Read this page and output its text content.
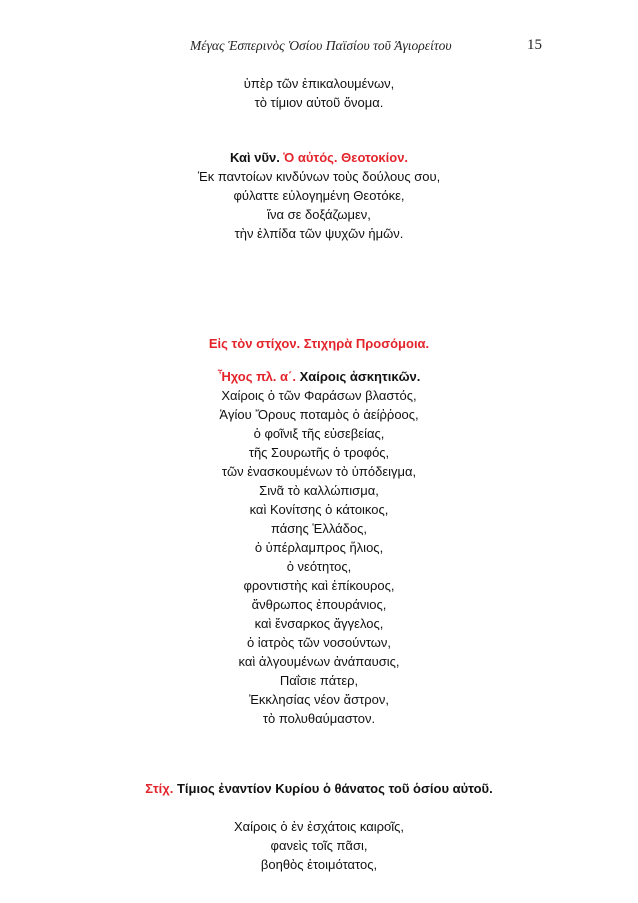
Μέγας Ἑσπερινὸς Ὁσίου Παϊσίου τοῦ Ἁγιορείτου	15
ὑπὲρ τῶν ἐπικαλουμένων,
τὸ τίμιον αὐτοῦ ὄνομα.
Καὶ νῦν. Ὁ αὐτός. Θεοτοκίον.
Ἐκ παντοίων κινδύνων τοὺς δούλους σου,
φύλαττε εὐλογημένη Θεοτόκε,
ἵνα σε δοξάζωμεν,
τὴν ἐλπίδα τῶν ψυχῶν ἡμῶν.
Εἰς τὸν στίχον. Στιχηρὰ Προσόμοια.
Ἦχος πλ. α΄. Χαίροις ἀσκητικῶν.
Χαίροις ὁ τῶν Φαράσων βλαστός,
Ἁγίου Ὄρους ποταμὸς ὁ ἀείῤῥοος,
ὁ φοῖνιξ τῆς εὐσεβείας,
τῆς Σουρωτῆς ὁ τροφός,
τῶν ἐνασκουμένων τὸ ὑπόδειγμα,
Σινᾶ τὸ καλλώπισμα,
καὶ Κονίτσης ὁ κάτοικος,
πάσης Ἑλλάδος,
ὁ ὑπέρλαμπρος ἥλιος,
ὁ νεότητος,
φροντιστὴς καὶ ἐπίκουρος,
ἄνθρωπος ἐπουράνιος,
καὶ ἔνσαρκος ἄγγελος,
ὁ ἰατρὸς τῶν νοσούντων,
καὶ ἀλγουμένων ἀνάπαυσις,
Παΐσιε πάτερ,
Ἐκκλησίας νέον ἄστρον,
τὸ πολυθαύμαστον.
Στίχ. Τίμιος ἐναντίον Κυρίου ὁ θάνατος τοῦ ὁσίου αὐτοῦ.
Χαίροις ὁ ἐν ἐσχάτοις καιροῖς,
φανεὶς τοῖς πᾶσι,
βοηθὸς ἑτοιμότατος,
